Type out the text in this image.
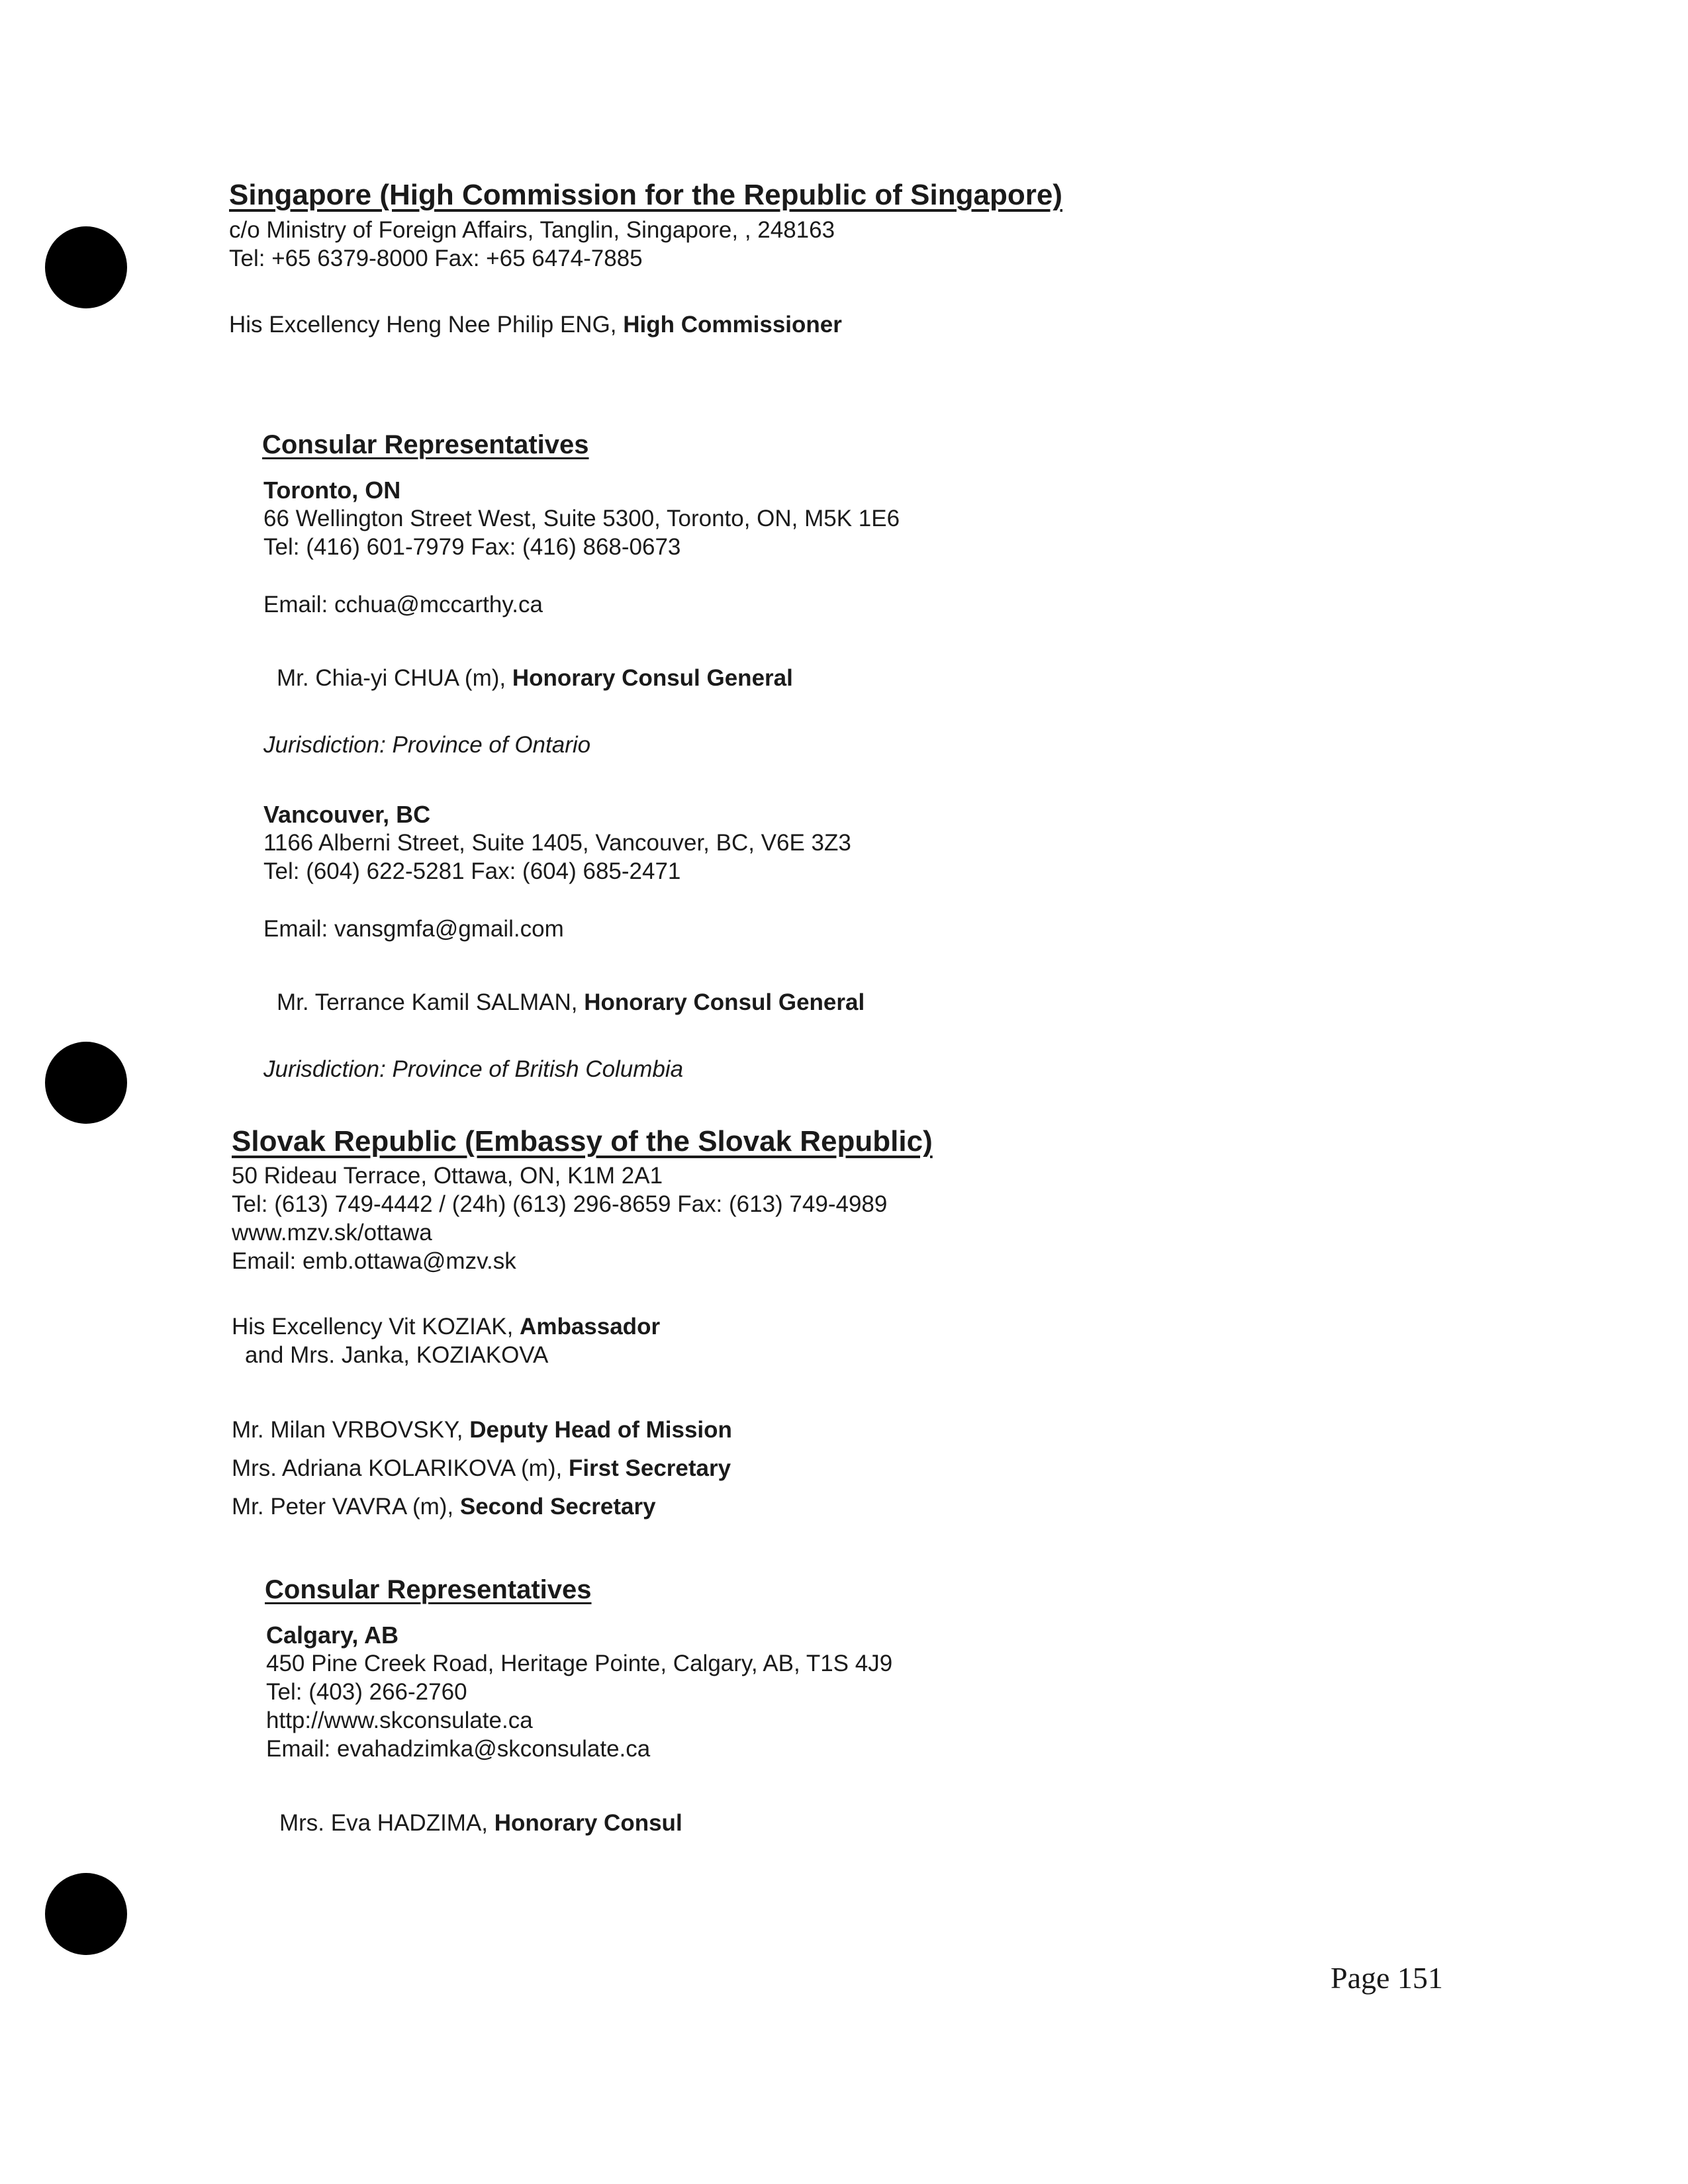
Singapore (High Commission for the Republic of Singapore)
c/o Ministry of Foreign Affairs, Tanglin, Singapore, , 248163
Tel: +65 6379-8000 Fax: +65 6474-7885
His Excellency Heng Nee Philip ENG, High Commissioner
Consular Representatives
Toronto, ON
66 Wellington Street West, Suite 5300, Toronto, ON, M5K 1E6
Tel: (416) 601-7979 Fax: (416) 868-0673
Email: cchua@mccarthy.ca
Mr. Chia-yi CHUA (m), Honorary Consul General
Jurisdiction: Province of Ontario
Vancouver, BC
1166 Alberni Street, Suite 1405, Vancouver, BC, V6E 3Z3
Tel: (604) 622-5281 Fax: (604) 685-2471
Email: vansgmfa@gmail.com
Mr. Terrance Kamil SALMAN, Honorary Consul General
Jurisdiction: Province of British Columbia
Slovak Republic (Embassy of the Slovak Republic)
50 Rideau Terrace, Ottawa, ON, K1M 2A1
Tel: (613) 749-4442 / (24h) (613) 296-8659 Fax: (613) 749-4989
www.mzv.sk/ottawa
Email: emb.ottawa@mzv.sk
His Excellency Vit KOZIAK, Ambassador
and Mrs. Janka, KOZIAKOVA
Mr. Milan VRBOVSKY, Deputy Head of Mission
Mrs. Adriana KOLARIKOVA (m), First Secretary
Mr. Peter VAVRA (m), Second Secretary
Consular Representatives
Calgary, AB
450 Pine Creek Road, Heritage Pointe, Calgary, AB, T1S 4J9
Tel: (403) 266-2760
http://www.skconsulate.ca
Email: evahadzimka@skconsulate.ca
Mrs. Eva HADZIMA, Honorary Consul
Page 151
